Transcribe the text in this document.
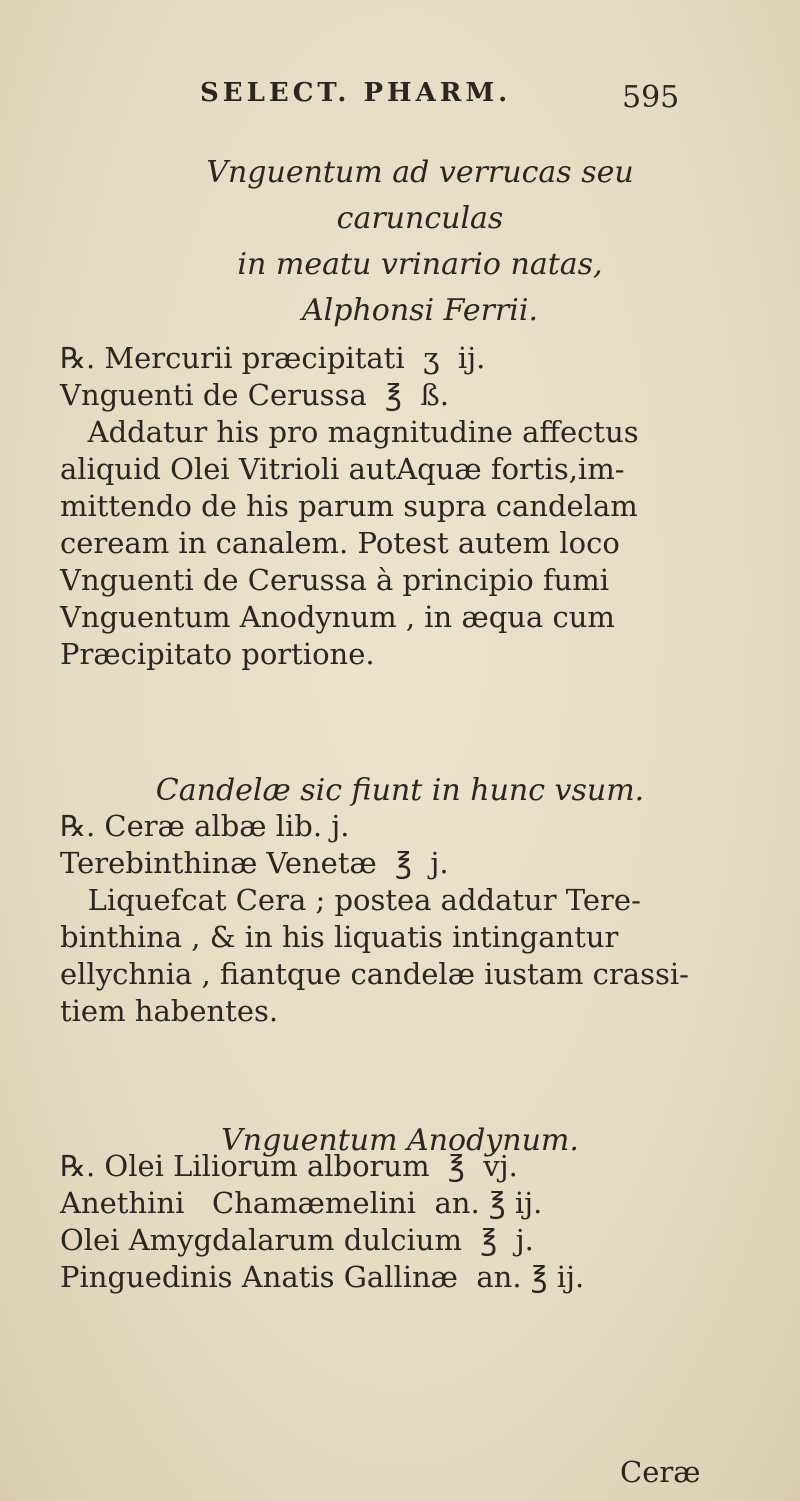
SELECT. PHARM.	595
Vnguentum ad verrucas seu carunculas
in meatu vrinario natas,
Alphonsi Ferrii.
℞. Mercurii præcipitati  ʒ  ij.
Vnguenti de Cerussa  ℥  ß.
Addatur his pro magnitudine affectus
aliquid Olei Vitrioli autAquæ fortis,im-
mittendo de his parum supra candelam
ceream in canalem. Potest autem loco
Vnguenti de Cerussa à principio fumi
Vnguentum Anodynum , in æqua cum
Præcipitato portione.
Candelæ sic fiunt in hunc vsum.
℞. Ceræ albæ lib. j.
Terebinthinæ Venetæ  ℥  j.
Liquefcat Cera ; postea addatur Tere-
binthina , & in his liquatis intingantur
ellychnia , fiantque candelæ iustam crassi-
tiem habentes.
Vnguentum Anodynum.
℞. Olei Liliorum alborum  ℥  vj.
Anethini   Chamæmelini  an. ℥ ij.
Olei Amygdalarum dulcium  ℥  j.
Pinguedinis Anatis Gallinæ  an. ℥ ij.
Ceræ
